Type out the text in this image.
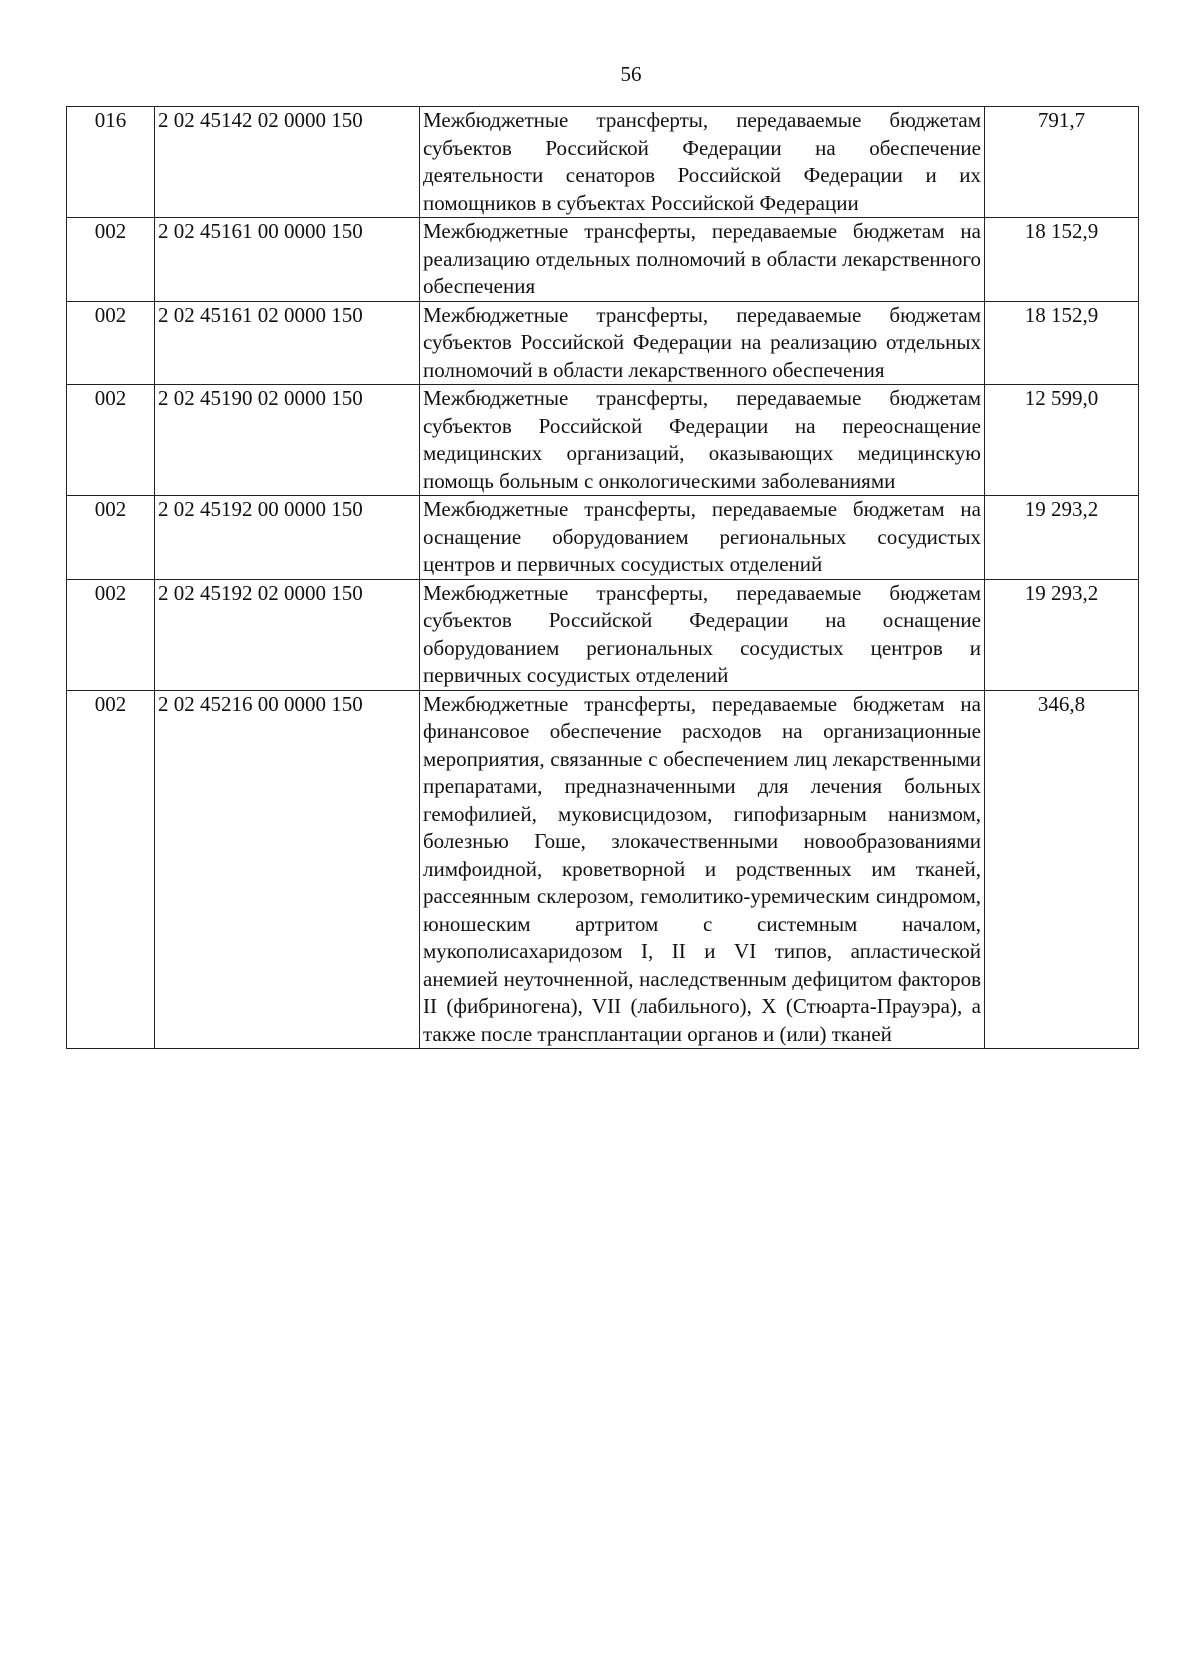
56
016	2 02 45142 02 0000 150	Межбюджетные трансферты, передаваемые бюджетам субъектов Российской Федерации на обеспечение деятельности сенаторов Российской Федерации и их помощников в субъектах Российской Федерации	791,7
002	2 02 45161 00 0000 150	Межбюджетные трансферты, передаваемые бюджетам на реализацию отдельных полномочий в области лекарственного обеспечения	18 152,9
002	2 02 45161 02 0000 150	Межбюджетные трансферты, передаваемые бюджетам субъектов Российской Федерации на реализацию отдельных полномочий в области лекарственного обеспечения	18 152,9
002	2 02 45190 02 0000 150	Межбюджетные трансферты, передаваемые бюджетам субъектов Российской Федерации на переоснащение медицинских организаций, оказывающих медицинскую помощь больным с онкологическими заболеваниями	12 599,0
002	2 02 45192 00 0000 150	Межбюджетные трансферты, передаваемые бюджетам на оснащение оборудованием региональных сосудистых центров и первичных сосудистых отделений	19 293,2
002	2 02 45192 02 0000 150	Межбюджетные трансферты, передаваемые бюджетам субъектов Российской Федерации на оснащение оборудованием региональных сосудистых центров и первичных сосудистых отделений	19 293,2
002	2 02 45216 00 0000 150	Межбюджетные трансферты, передаваемые бюджетам на финансовое обеспечение расходов на организационные мероприятия, связанные с обеспечением лиц лекарственными препаратами, предназначенными для лечения больных гемофилией, муковисцидозом, гипофизарным нанизмом, болезнью Гоше, злокачественными новообразованиями лимфоидной, кроветворной и родственных им тканей, рассеянным склерозом, гемолитико-уремическим синдромом, юношеским артритом с системным началом, мукополисахаридозом I, II и VI типов, апластической анемией неуточненной, наследственным дефицитом факторов II (фибриногена), VII (лабильного), X (Стюарта-Прауэра), а также после трансплантации органов и (или) тканей	346,8
